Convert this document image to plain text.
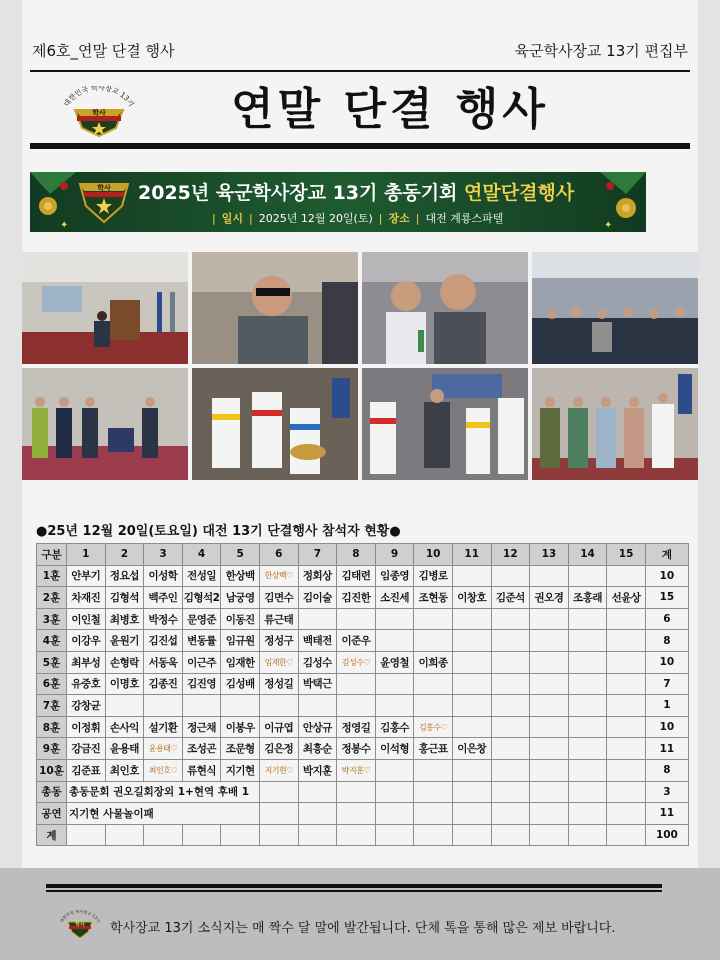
제6호_연말 단결 행사	육군학사장교 13기 편집부
대한민국 학사장교 13기
학사	연말 단결 행사
✦
학사 2025년 육군학사장교 13기 총동기회 연말단결행사
| 일시 | 2025년 12월 20일(토) | 장소 | 대전 계룡스파텔
✦
●25년 12월 20일(토요일) 대전 13기 단결행사 참석자 현황●
구분	1	2	3	4	5	6	7	8	9	10	11	12	13	14	15	계
1훈	안부기	정요섭	이성학	전성일	한상백	한상백♡	정회상	김태련	임종영	김병로						10
2훈	차재진	김형석	백주인	김형석2	남궁영	김면수	김이술	김진한	소진세	조현동	이창호	김준석	권오경	조홍래	선윤상	15
3훈	이인철	최병호	박정수	문영준	이동진	류근태										6
4훈	이강우	윤원기	김진섭	변동률	임규원	정성구	백태전	이준우								8
5훈	최부성	손형락	서동욱	이근주	임재한	임재한♡	김성수	김성수♡	윤영철	이희종						10
6훈	유중호	이명호	김종진	김진영	김성배	정성길	박택근									7
7훈	강창균															1
8훈	이정휘	손사익	설기환	정근채	이봉우	이규엽	안상규	정영길	김홍수	김홍수♡						10
9훈	강금진	윤용태	윤용태♡	조성곤	조문형	김은정	최흥순	정봉수	이석형	홍근표	이은창					11
10훈	김준표	최인호	최인호♡	류현식	지기현	지기현♡	박지훈	박지훈♡								8
총동	총동문회 권오길회장외 1+현역 후배 1															3
공연	지기현 사물놀이패															11
계																100
한민국 학사장교 13
학사 학사장교 13기 소식지는 매 짝수 달 말에 발간됩니다. 단체 톡을 통해 많은 제보 바랍니다.
